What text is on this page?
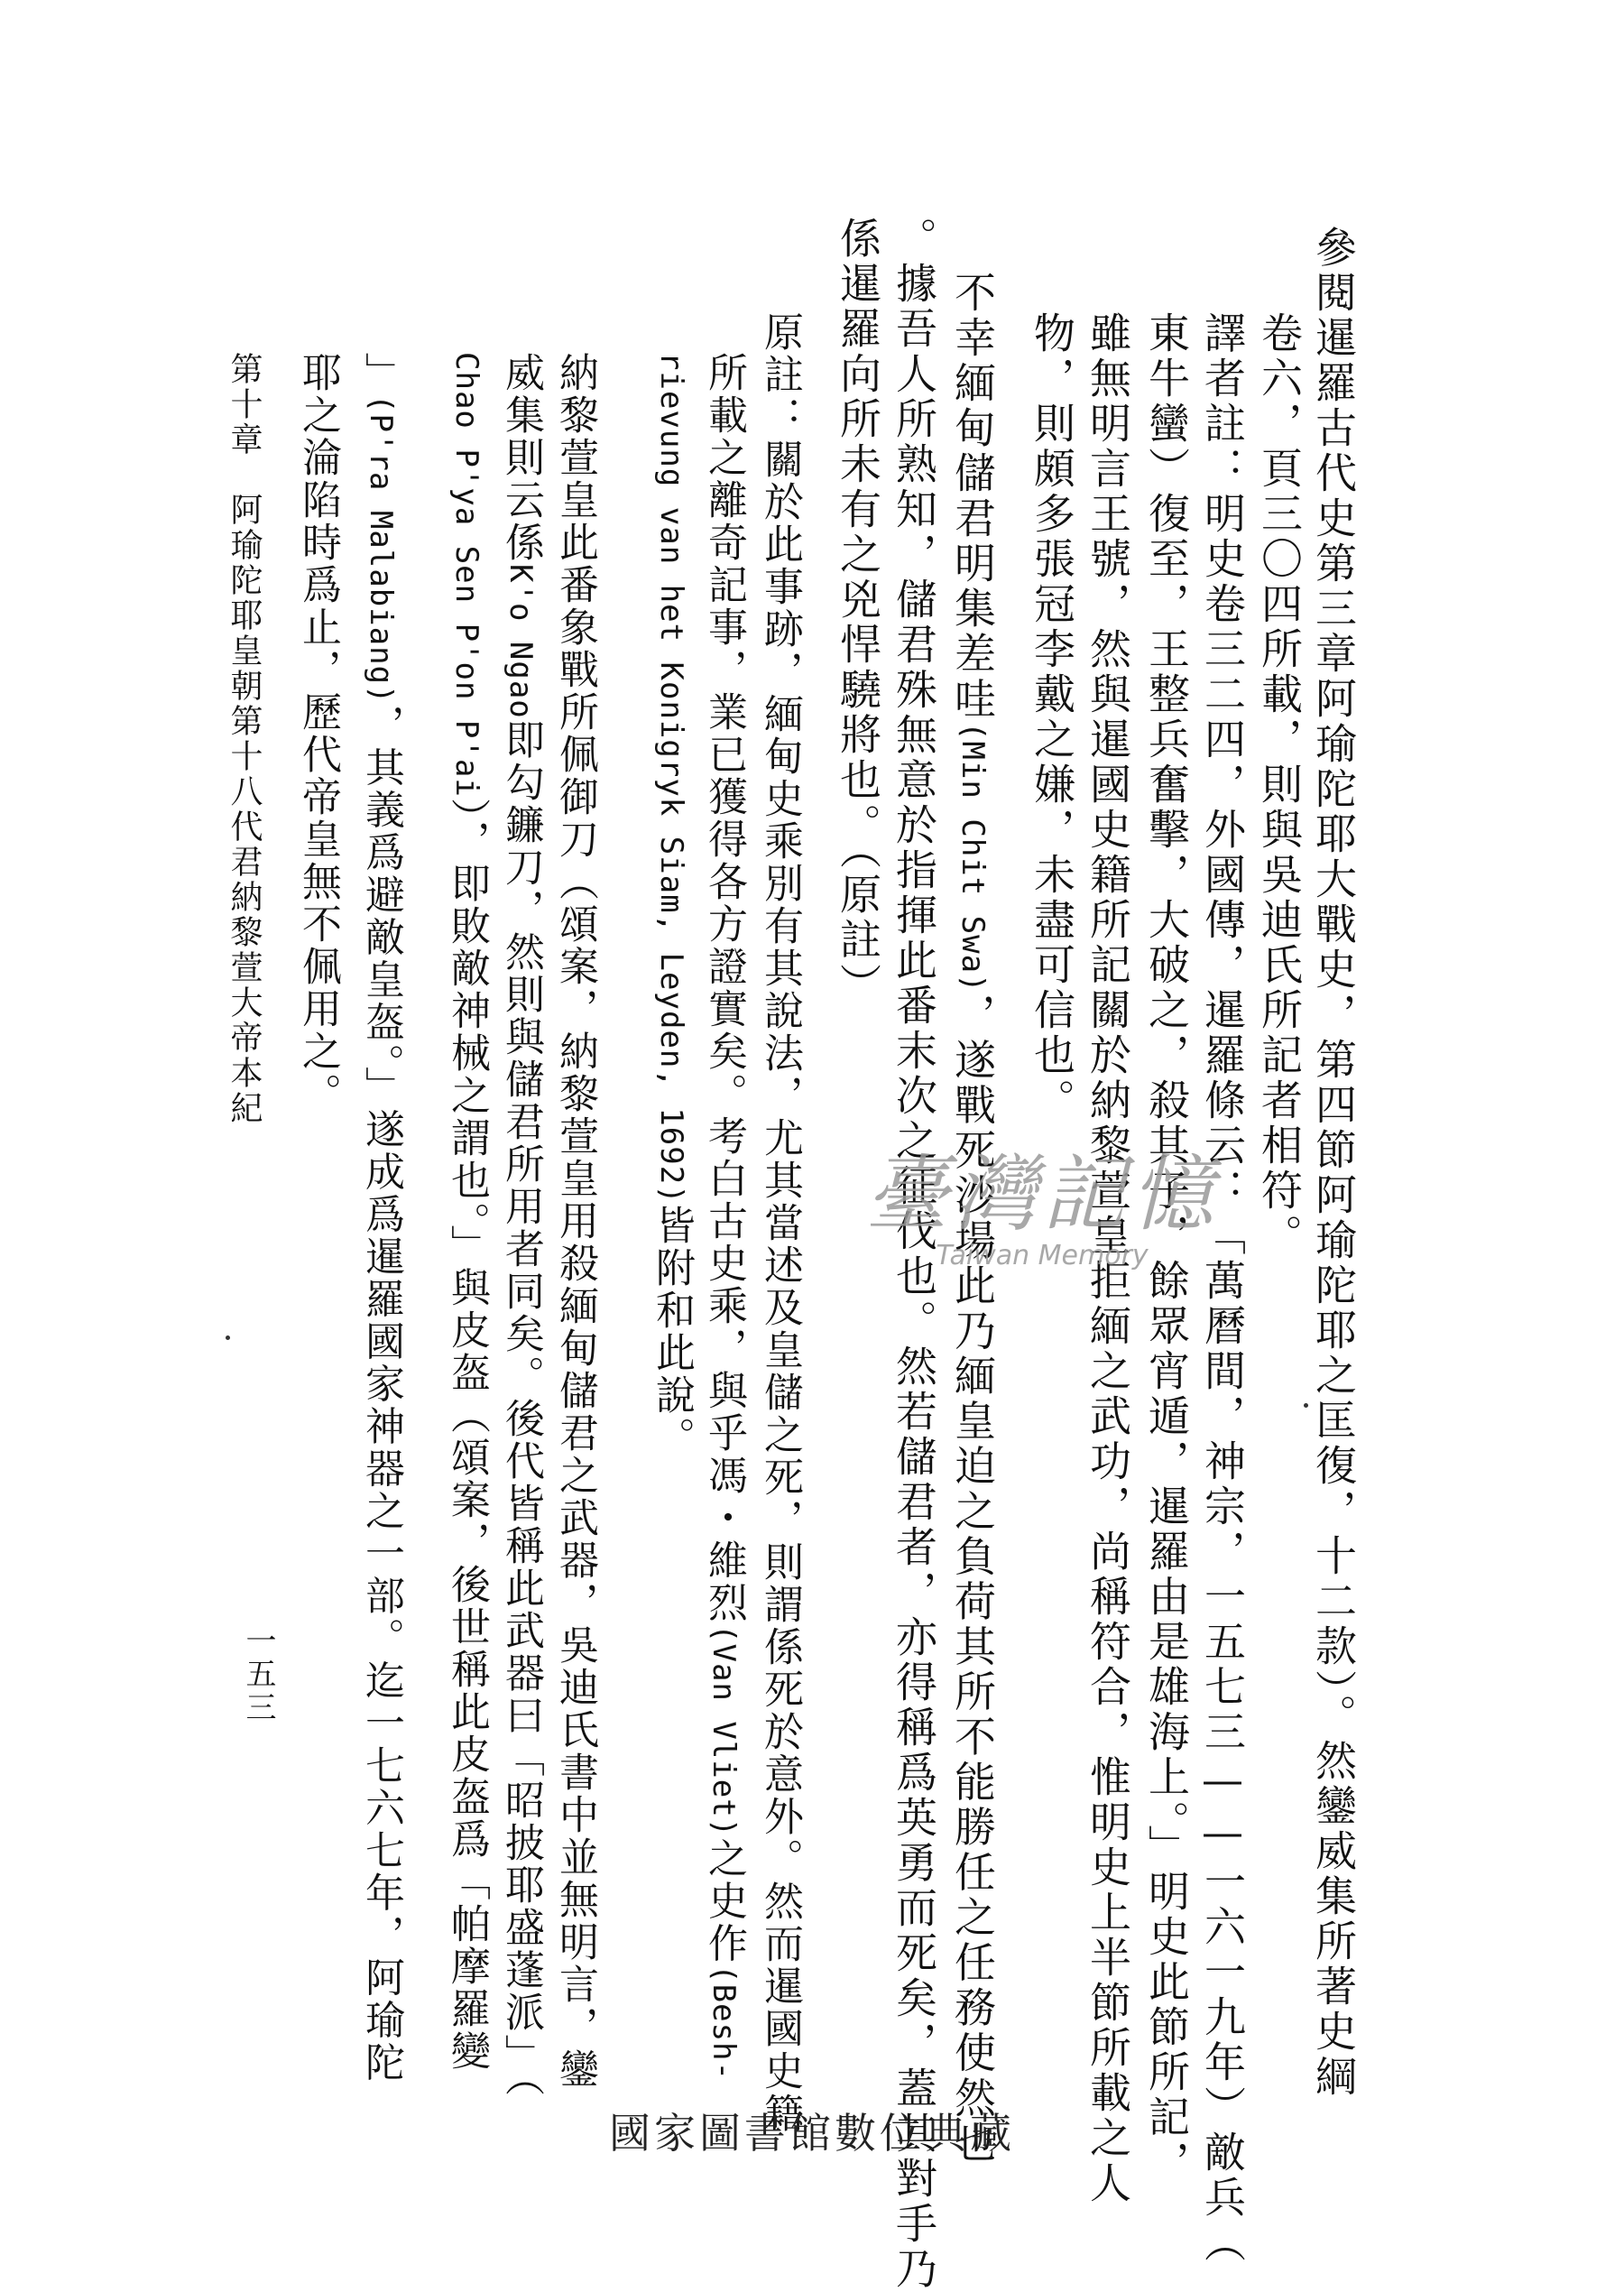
參閱暹羅古代史第三章阿瑜陀耶大戰史，第四節阿瑜陀耶之匡復，十二款）。然鑾威集所著史綱
卷六，頁三〇四所載，則與吳迪氏所記者相符。
譯者註：明史卷三二四，外國傳，暹羅條云：「萬曆間，神宗，一五七三——一六一九年）敵兵（
東牛蠻）復至，王整兵奮擊，大破之，殺其子，餘眾宵遁，暹羅由是雄海上。」明史此節所記，
雖無明言王號，然與暹國史籍所記關於納黎萱皇拒緬之武功，尚稱符合，惟明史上半節所載之人
物，則頗多張冠李戴之嫌，未盡可信也。
不幸緬甸儲君明集差哇(Min Chit Swa)，遂戰死沙場此乃緬皇迫之負荷其所不能勝任之任務使然也
。據吾人所熟知，儲君殊無意於指揮此番末次之征伐也。然若儲君者，亦得稱爲英勇而死矣，蓋其對手乃
係暹羅向所未有之兇悍驍將也。（原註）
原註：關於此事跡，緬甸史乘別有其說法，尤其當述及皇儲之死，則謂係死於意外。然而暹國史籍
所載之離奇記事，業已獲得各方證實矣。考白古史乘，與乎馮・維烈(Van Vliet)之史作(Besh-
rievung van het Konigryk Siam, Leyden, 1692)皆附和此說。
納黎萱皇此番象戰所佩御刀（頌案，納黎萱皇用殺緬甸儲君之武器，吳迪氏書中並無明言，鑾
威集則云係K'o Ngao即勾鐮刀，然則與儲君所用者同矣。後代皆稱此武器曰「昭披耶盛蓬派」（
Chao P'ya Sen P'on P'ai），即敗敵神械之謂也。」與皮盔（頌案，後世稱此皮盔爲「帕摩羅變
」(P'ra Malabiang)，其義爲避敵皇盔。」遂成爲暹羅國家神器之一部。迄一七六七年，阿瑜陀
耶之淪陷時爲止，歷代帝皇無不佩用之。
第十章　阿瑜陀耶皇朝第十八代君納黎萱大帝本紀
一五三
臺灣記憶
Taiwan Memory
國家圖書館數位典藏
